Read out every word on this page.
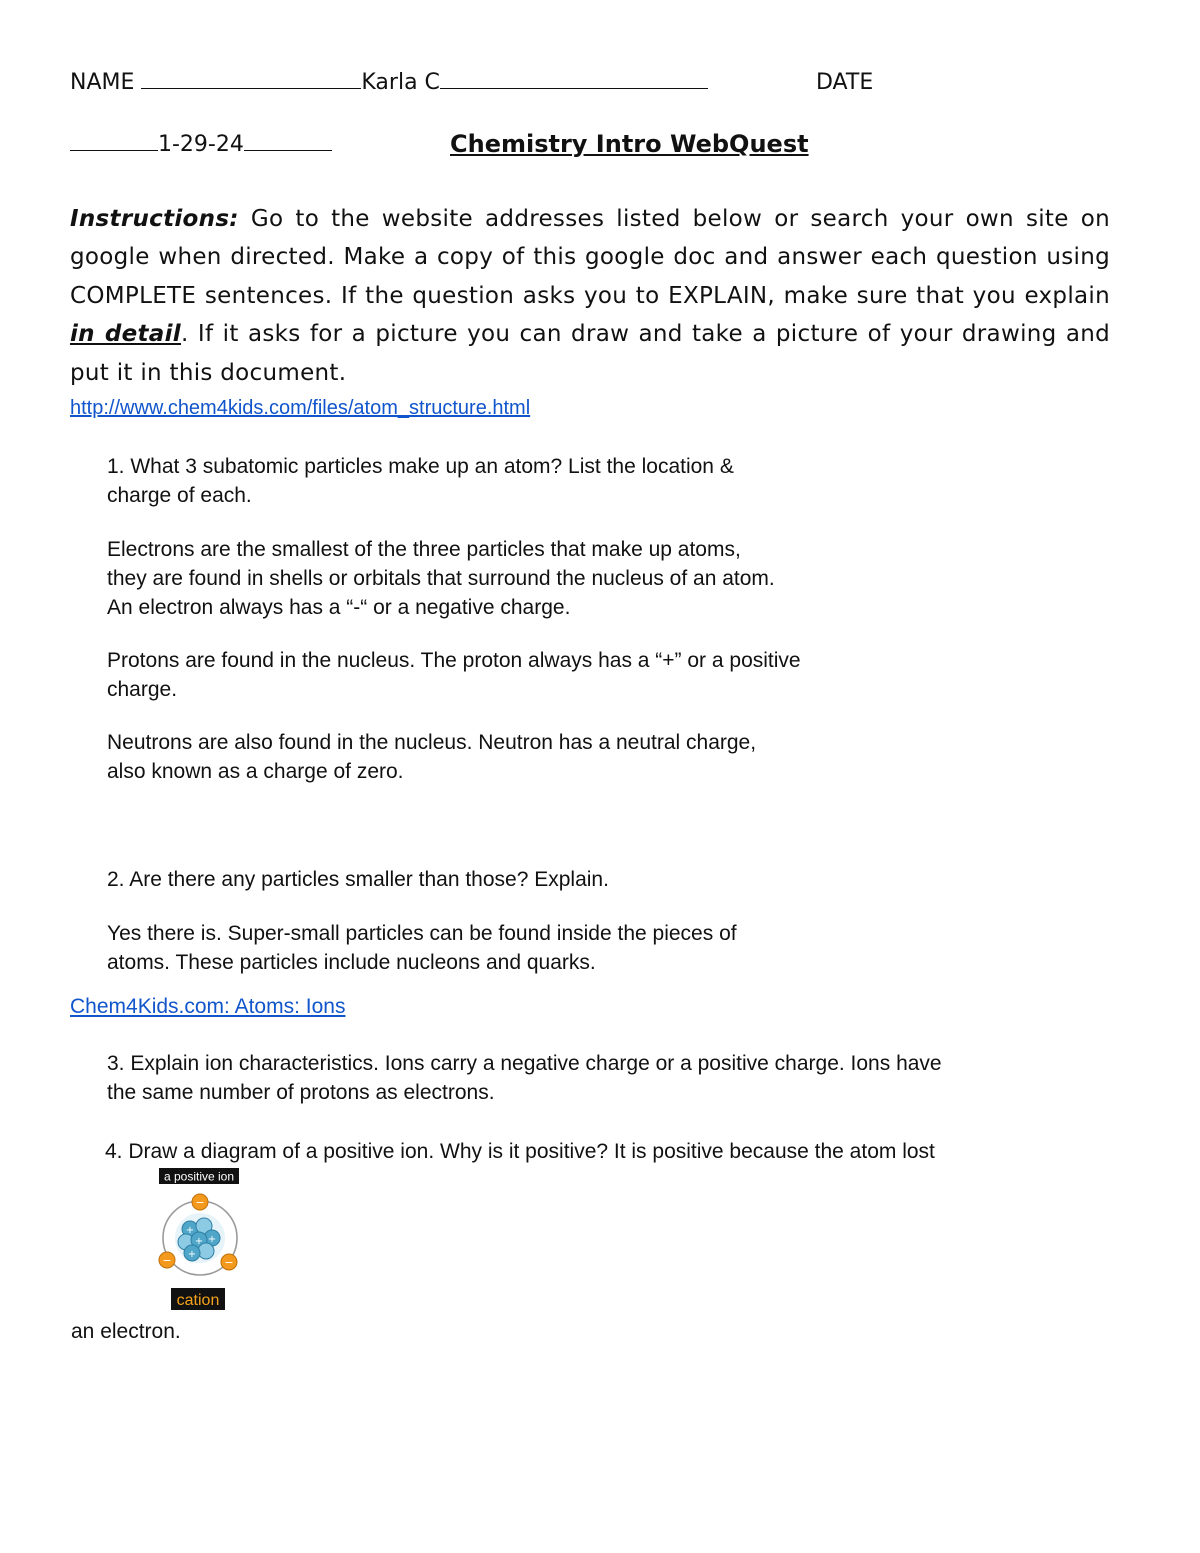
NAME	Karla C	DATE
1-29-24	Chemistry Intro WebQuest
Instructions: Go to the website addresses listed below or search your own site on google when directed. Make a copy of this google doc and answer each question using COMPLETE sentences. If the question asks you to EXPLAIN, make sure that you explain in detail. If it asks for a picture you can draw and take a picture of your drawing and put it in this document.
http://www.chem4kids.com/files/atom_structure.html
1. What 3 subatomic particles make up an atom? List the location &
charge of each.
Electrons are the smallest of the three particles that make up atoms,
they are found in shells or orbitals that surround the nucleus of an atom.
An electron always has a “-“ or a negative charge.
Protons are found in the nucleus. The proton always has a “+” or a positive
charge.
Neutrons are also found in the nucleus. Neutron has a neutral charge,
also known as a charge of zero.
2. Are there any particles smaller than those? Explain.
Yes there is. Super-small particles can be found inside the pieces of
atoms. These particles include nucleons and quarks.
Chem4Kids.com: Atoms: Ions
3. Explain ion characteristics. Ions carry a negative charge or a positive charge. Ions have
the same number of protons as electrons.
4. Draw a diagram of a positive ion. Why is it positive? It is positive because the atom lost
a positive ion
+
+
+
+
−
−	−
cation
an electron.
